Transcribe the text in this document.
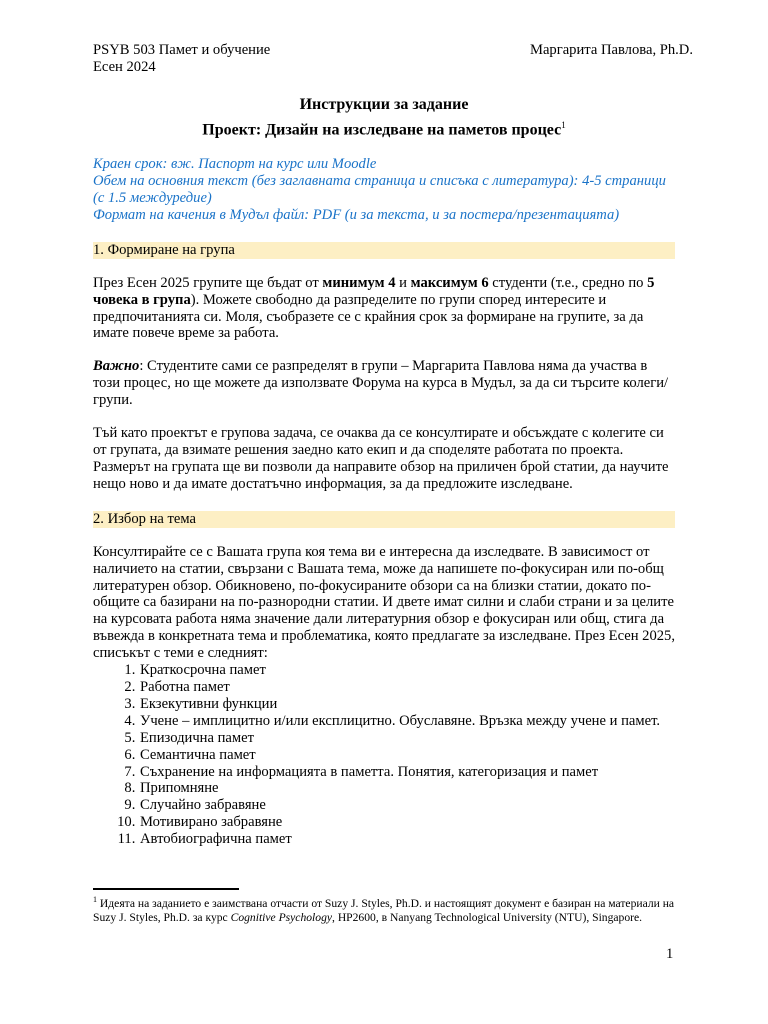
PSYB 503 Памет и обучение	Маргарита Павлова, Ph.D.
Есен 2024
Инструкции за задание
Проект: Дизайн на изследване на паметов процес$^1$
Краен срок: вж. Паспорт на курс или Moodle
Обем на основния текст (без заглавната страница и списъка с литература): 4-5 страници (с 1.5 междуредие)
Формат на качения в Мудъл файл: PDF (и за текста, и за постера/презентацията)
1. Формиране на група

През Есен 2025 групите ще бъдат от минимум 4 и максимум 6 студенти (т.е., средно по 5 човека в група). Можете свободно да разпределите по групи според интересите и предпочитанията си. Моля, съобразете се с крайния срок за формиране на групите, за да имате повече време за работа.

Важно: Студентите сами се разпределят в групи – Маргарита Павлова няма да участва в този процес, но ще можете да използвате Форума на курса в Мудъл, за да си търсите колеги/групи.

Тъй като проектът е групова задача, се очаква да се консултирате и обсъждате с колегите си от групата, да взимате решения заедно като екип и да споделяте работата по проекта. Размерът на групата ще ви позволи да направите обзор на приличен брой статии, да научите нещо ново и да имате достатъчно информация, за да предложите изследване.

2. Избор на тема

Консултирайте се с Вашата група коя тема ви е интересна да изследвате. В зависимост от наличието на статии, свързани с Вашата тема, може да напишете по-фокусиран или по-общ литературен обзор. Обикновено, по-фокусираните обзори са на близки статии, докато по-общите са базирани на по-разнородни статии. И двете имат силни и слаби страни и за целите на курсовата работа няма значение дали литературния обзор е фокусиран или общ, стига да въвежда в конкретната тема и проблематика, която предлагате за изследване. През Есен 2025, списъкът с теми е следният:

1. Краткосрочна памет
2. Работна памет
3. Екзекутивни функции
4. Учене – имплицитно и/или експлицитно. Обуславяне. Връзка между учене и памет.
5. Епизодична памет
6. Семантична памет
7. Съхранение на информацията в паметта. Понятия, категоризация и памет
8. Припомняне
9. Случайно забравяне
10. Мотивирано забравяне
11. Автобиографична памет
$^1$ Идеята на заданието е заимствана отчасти от Suzy J. Styles, Ph.D. и настоящият документ е базиран на материали на Suzy J. Styles, Ph.D. за курс Cognitive Psychology, HP2600, в Nanyang Technological University (NTU), Singapore.
1
